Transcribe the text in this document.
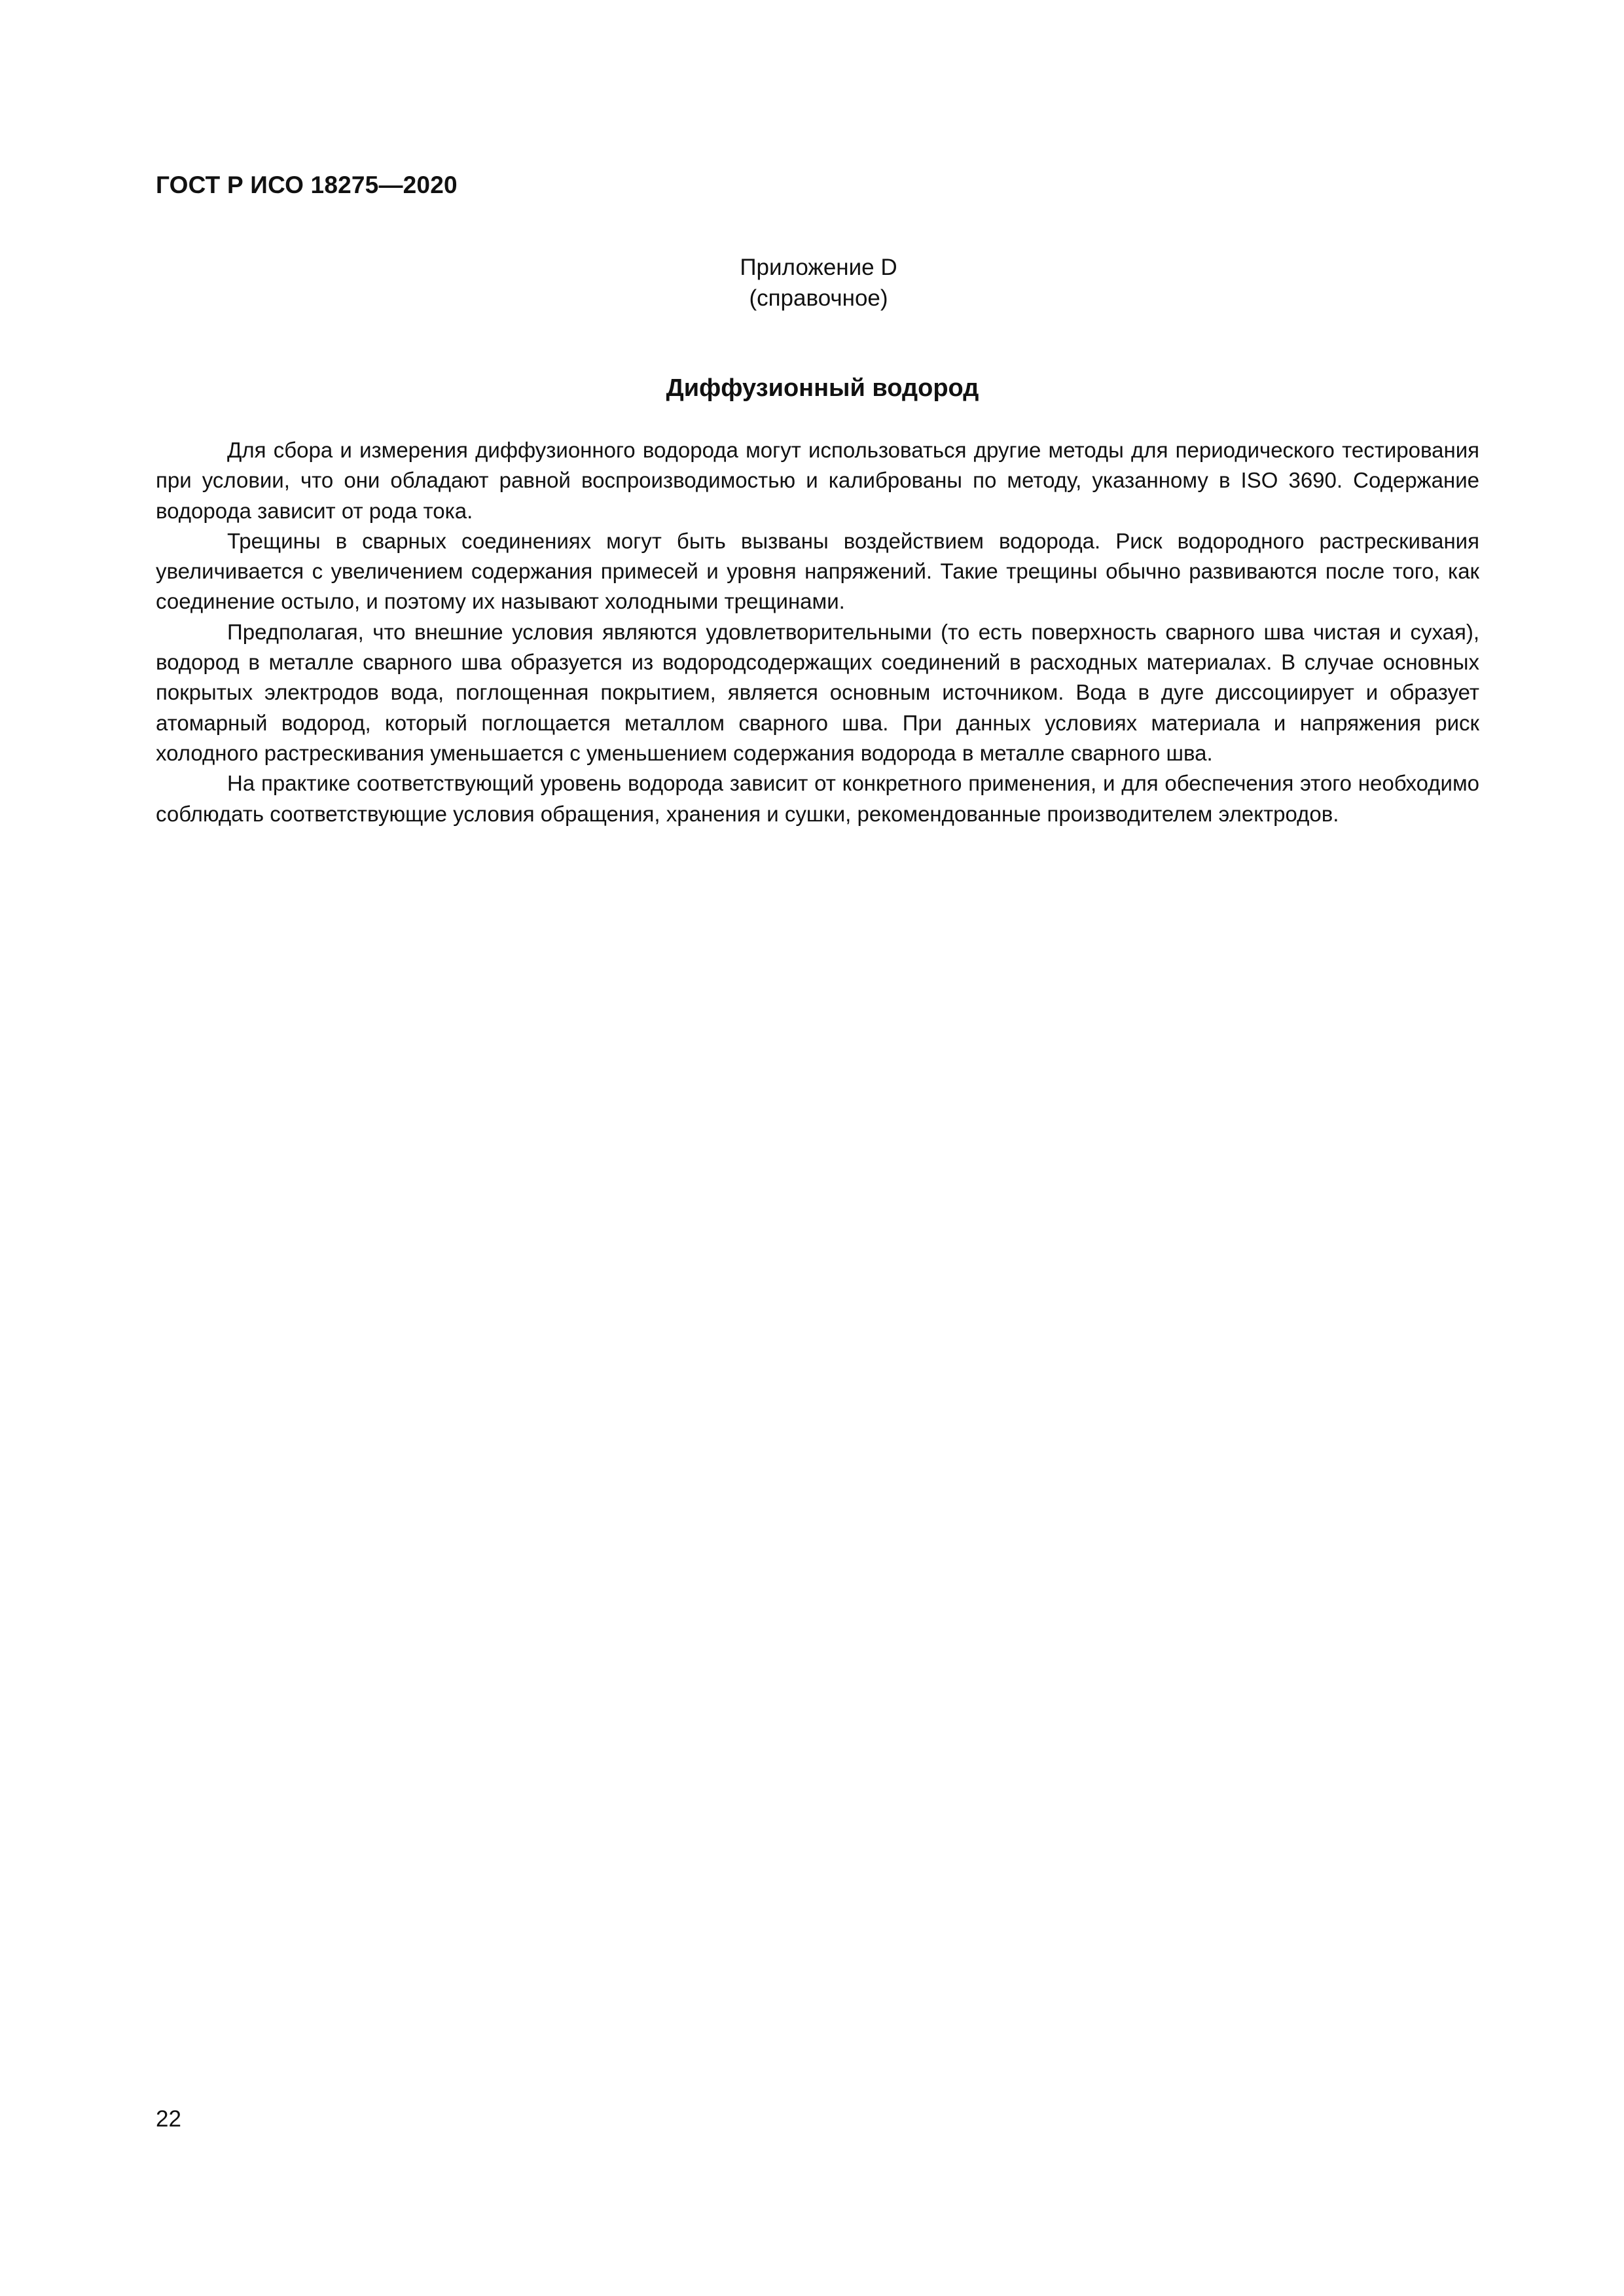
ГОСТ Р ИСО 18275—2020
Приложение D
(справочное)
Диффузионный водород

Для сбора и измерения диффузионного водорода могут использоваться другие методы для периодического тестирования при условии, что они обладают равной воспроизводимостью и калиброваны по методу, указанному в ISO 3690. Содержание водорода зависит от рода тока.

Трещины в сварных соединениях могут быть вызваны воздействием водорода. Риск водородного растрескивания увеличивается с увеличением содержания примесей и уровня напряжений. Такие трещины обычно развиваются после того, как соединение остыло, и поэтому их называют холодными трещинами.

Предполагая, что внешние условия являются удовлетворительными (то есть поверхность сварного шва чистая и сухая), водород в металле сварного шва образуется из водородсодержащих соединений в расходных материалах. В случае основных покрытых электродов вода, поглощенная покрытием, является основным источником. Вода в дуге диссоциирует и образует атомарный водород, который поглощается металлом сварного шва. При данных условиях материала и напряжения риск холодного растрескивания уменьшается с уменьшением содержания водорода в металле сварного шва.

На практике соответствующий уровень водорода зависит от конкретного применения, и для обеспечения этого необходимо соблюдать соответствующие условия обращения, хранения и сушки, рекомендованные производителем электродов.

22
